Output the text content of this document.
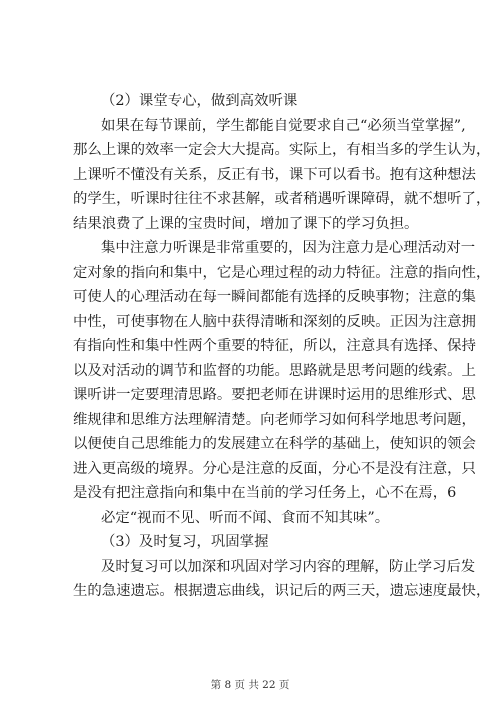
（2）课堂专心，做到高效听课

如果在每节课前，学生都能自觉要求自己“必须当堂掌握”,
那么上课的效率一定会大大提高。实际上，有相当多的学生认为，
上课听不懂没有关系，反正有书，课下可以看书。抱有这种想法
的学生，听课时往往不求甚解，或者稍遇听课障碍，就不想听了，
结果浪费了上课的宝贵时间，增加了课下的学习负担。
集中注意力听课是非常重要的，因为注意力是心理活动对一
定对象的指向和集中，它是心理过程的动力特征。注意的指向性，
可使人的心理活动在每一瞬间都能有选择的反映事物；注意的集
中性，可使事物在人脑中获得清晰和深刻的反映。正因为注意拥
有指向性和集中性两个重要的特征，所以，注意具有选择、保持
以及对活动的调节和监督的功能。思路就是思考问题的线索。上
课听讲一定要理清思路。要把老师在讲课时运用的思维形式、思
维规律和思维方法理解清楚。向老师学习如何科学地思考问题，
以便使自己思维能力的发展建立在科学的基础上，使知识的领会
进入更高级的境界。分心是注意的反面，分心不是没有注意，只
是没有把注意指向和集中在当前的学习任务上，心不在焉，6
必定“视而不见、听而不闻、食而不知其味”。

（3）及时复习，巩固掌握

及时复习可以加深和巩固对学习内容的理解，防止学习后发
生的急速遗忘。根据遗忘曲线，识记后的两三天，遗忘速度最快，
第 8 页 共 22 页
